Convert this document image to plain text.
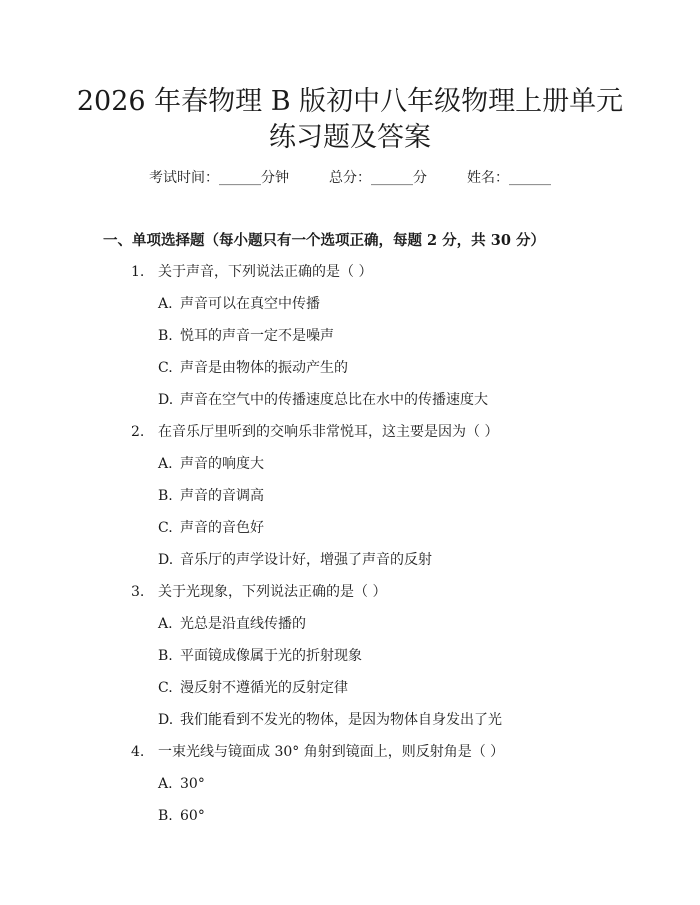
2026 年春物理 B 版初中八年级物理上册单元
练习题及答案
考试时间：______分钟	总分：______分	姓名：______
一、单项选择题（每小题只有一个选项正确，每题 2 分，共 30 分）
1. 关于声音，下列说法正确的是（ ）
A. 声音可以在真空中传播
B. 悦耳的声音一定不是噪声
C. 声音是由物体的振动产生的
D. 声音在空气中的传播速度总比在水中的传播速度大
2. 在音乐厅里听到的交响乐非常悦耳，这主要是因为（ ）
A. 声音的响度大
B. 声音的音调高
C. 声音的音色好
D. 音乐厅的声学设计好，增强了声音的反射
3. 关于光现象，下列说法正确的是（ ）
A. 光总是沿直线传播的
B. 平面镜成像属于光的折射现象
C. 漫反射不遵循光的反射定律
D. 我们能看到不发光的物体，是因为物体自身发出了光
4. 一束光线与镜面成 30° 角射到镜面上，则反射角是（ ）
A. 30°
B. 60°
